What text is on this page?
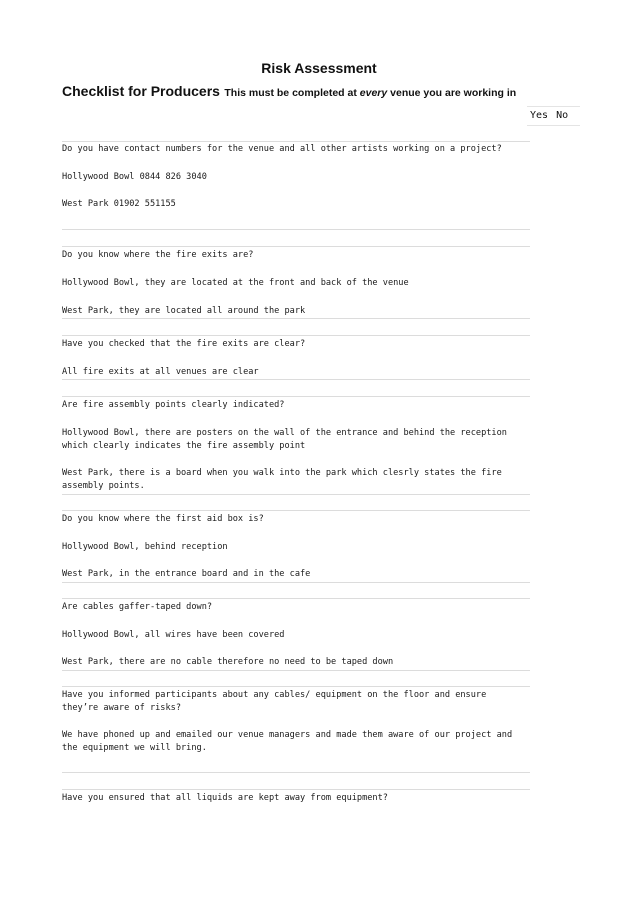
Risk Assessment
Checklist for Producers This must be completed at every venue you are working in
Yes No
Do you have contact numbers for the venue and all other artists working on a project?
Hollywood Bowl 0844 826 3040
West Park 01902 551155
Do you know where the fire exits are?
Hollywood Bowl, they are located at the front and back of the venue
West Park, they are located all around the park
Have you checked that the fire exits are clear?
All fire exits at all venues are clear
Are fire assembly points clearly indicated?
Hollywood Bowl, there are posters on the wall of the entrance and behind the reception which clearly indicates the fire assembly point
West Park, there is a board when you walk into the park which clesrly states the fire assembly points.
Do you know where the first aid box is?
Hollywood Bowl, behind reception
West Park, in the entrance board and in the cafe
Are cables gaffer-taped down?
Hollywood Bowl, all wires have been covered
West Park, there are no cable therefore no need to be taped down
Have you informed participants about any cables/ equipment on the floor and ensure they’re aware of risks?
We have phoned up and emailed our venue managers and made them aware of our project and the equipment we will bring.
Have you ensured that all liquids are kept away from equipment?
